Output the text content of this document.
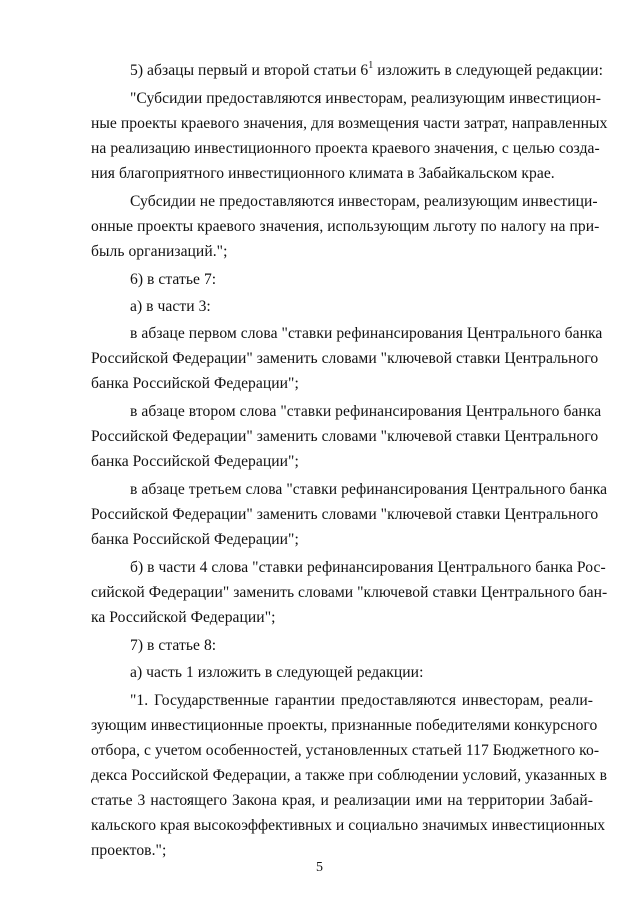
5) абзацы первый и второй статьи $6^1$ изложить в следующей редакции:
"Субсидии предоставляются инвесторам, реализующим инвестицион-
ные проекты краевого значения, для возмещения части затрат, направленных
на реализацию инвестиционного проекта краевого значения, с целью созда-
ния благоприятного инвестиционного климата в Забайкальском крае.
Субсидии не предоставляются инвесторам, реализующим инвестици-
онные проекты краевого значения, использующим льготу по налогу на при-
быль организаций.";
6) в статье 7:
а) в части 3:
в абзаце первом слова "ставки рефинансирования Центрального банка
Российской Федерации" заменить словами "ключевой ставки Центрального
банка Российской Федерации";
в абзаце втором слова "ставки рефинансирования Центрального банка
Российской Федерации" заменить словами "ключевой ставки Центрального
банка Российской Федерации";
в абзаце третьем слова "ставки рефинансирования Центрального банка
Российской Федерации" заменить словами "ключевой ставки Центрального
банка Российской Федерации";
б) в части 4 слова "ставки рефинансирования Центрального банка Рос-
сийской Федерации" заменить словами "ключевой ставки Центрального бан-
ка Российской Федерации";
7) в статье 8:
а) часть 1 изложить в следующей редакции:
"1. Государственные гарантии предоставляются инвесторам, реали-
зующим инвестиционные проекты, признанные победителями конкурсного
отбора, с учетом особенностей, установленных статьей 117 Бюджетного ко-
декса Российской Федерации, а также при соблюдении условий, указанных в
статье 3 настоящего Закона края, и реализации ими на территории Забай-
кальского края высокоэффективных и социально значимых инвестиционных
проектов.";
5
